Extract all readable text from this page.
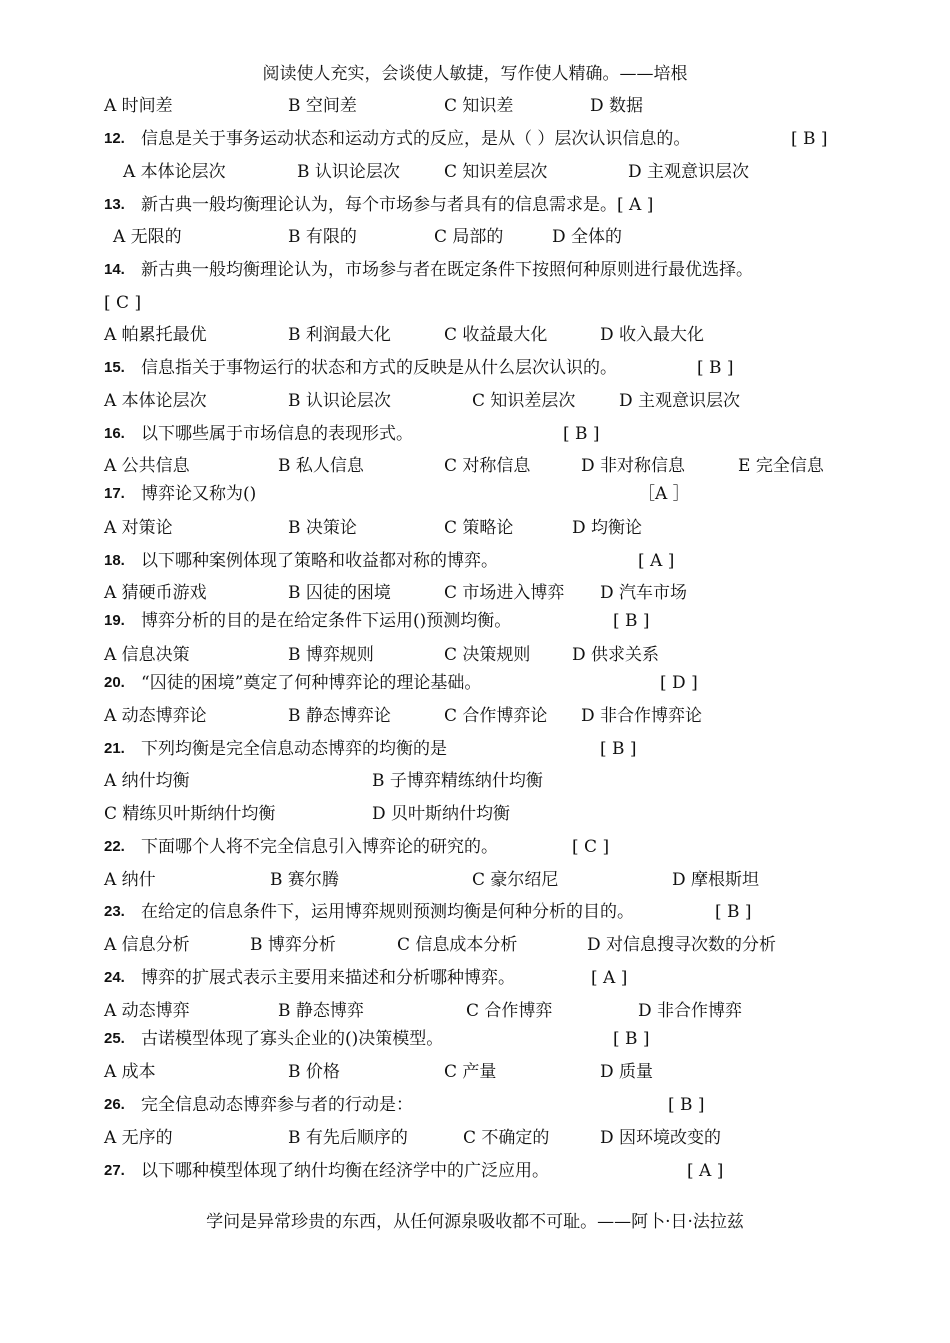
阅读使人充实，会谈使人敏捷，写作使人精确。——培根
A 时间差	B 空间差	C 知识差	D 数据
12. 信息是关于事务运动状态和运动方式的反应，是从（ ）层次认识信息的。	[ B ]
A 本体论层次	B 认识论层次	C 知识差层次	D 主观意识层次
13. 新古典一般均衡理论认为，每个市场参与者具有的信息需求是。[ A ]
A 无限的	B 有限的	C 局部的	D 全体的
14. 新古典一般均衡理论认为，市场参与者在既定条件下按照何种原则进行最优选择。
[ C ]
A 帕累托最优	B 利润最大化	C 收益最大化	D 收入最大化
15. 信息指关于事物运行的状态和方式的反映是从什么层次认识的。	[ B ]
A 本体论层次	B 认识论层次	C 知识差层次	D 主观意识层次
16. 以下哪些属于市场信息的表现形式。	[ B ]
A 公共信息	B 私人信息	C 对称信息	D 非对称信息	E 完全信息
17. 博弈论又称为()	［A ］
A 对策论	B 决策论	C 策略论	D 均衡论
18. 以下哪种案例体现了策略和收益都对称的博弈。	[ A ]
A 猜硬币游戏	B 囚徒的困境	C 市场进入博弈 D 汽车市场
19. 博弈分析的目的是在给定条件下运用()预测均衡。	[ B ]
A 信息决策	B 博弈规则	C 决策规则 D 供求关系
20. “囚徒的困境”奠定了何种博弈论的理论基础。	[ D ]
A 动态博弈论	B 静态博弈论	C 合作博弈论 D 非合作博弈论
21. 下列均衡是完全信息动态博弈的均衡的是	[ B ]
A 纳什均衡	B 子博弈精练纳什均衡
C 精练贝叶斯纳什均衡	D 贝叶斯纳什均衡
22. 下面哪个人将不完全信息引入博弈论的研究的。	[ C ]
A 纳什	B 赛尔腾	C 豪尔绍尼	D 摩根斯坦
23. 在给定的信息条件下，运用博弈规则预测均衡是何种分析的目的。	[ B ]
A 信息分析	B 博弈分析	C 信息成本分析	D 对信息搜寻次数的分析
24. 博弈的扩展式表示主要用来描述和分析哪种博弈。	[ A ]
A 动态博弈	B 静态博弈	C 合作博弈	D 非合作博弈
25. 古诺模型体现了寡头企业的()决策模型。	[ B ]
A 成本	B 价格	C 产量	D 质量
26. 完全信息动态博弈参与者的行动是：	[ B ]
A 无序的	B 有先后顺序的	C 不确定的	D 因环境改变的
27. 以下哪种模型体现了纳什均衡在经济学中的广泛应用。	[ A ]
学问是异常珍贵的东西，从任何源泉吸收都不可耻。——阿卜·日·法拉兹
